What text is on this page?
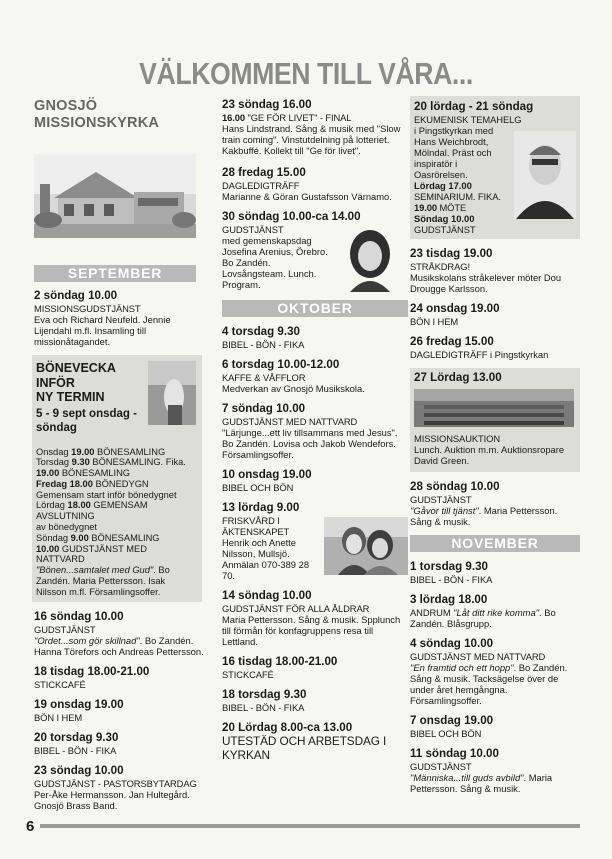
VÄLKOMMEN TILL VÅRA...
GNOSJÖ
MISSIONSKYRKA
SEPTEMBER
2 söndag 10.00
MISSIONSGUDSTJÄNST
Eva och Richard Neufeld. Jennie Lijendahl m.fl. Insamling till missionåtagandet.
BÖNEVECKA INFÖR
NY TERMIN
5 - 9 sept onsdag - söndag
Onsdag 19.00 BÖNESAMLING
Torsdag 9.30 BÖNESAMLING. Fika.
19.00 BÖNESAMLING
Fredag 18.00 BÖNEDYGN
Gemensam start inför bönedygnet
Lördag 18.00 GEMENSAM AVSLUTNING
av bönedygnet
Söndag 9.00 BÖNESAMLING
10.00 GUDSTJÄNST MED NATTVARD
"Bönen...samtalet med Gud". Bo Zandén. Maria Pettersson. Isak Nilsson m.fl. Församlingsoffer.
16 söndag 10.00
GUDSTJÄNST
"Ordet...som gör skillnad". Bo Zandén. Hanna Törefors och Andreas Pettersson.
18 tisdag 18.00-21.00
STICKCAFÉ
19 onsdag 19.00
BÖN I HEM
20 torsdag 9.30
BIBEL - BÖN - FIKA
23 söndag 10.00
GUDSTJÄNST - PASTORSBYTARDAG
Per-Åke Hermansson. Jan Hultegård. Gnosjö Brass Band.
23 söndag 16.00
16.00 "GE FÖR LIVET" - FINAL
Hans Lindstrand. Sång & musik med "Slow train coming". Vinstutdelning på lotteriet. Kakbuffé. Kollekt till "Ge för livet".
28 fredag 15.00
DAGLEDIGTRÄFF
Marianne & Göran Gustafsson Värnamo.
30 söndag 10.00-ca 14.00
GUDSTJÄNST
med gemenskapsdag Josefina Arenius, Örebro. Bo Zandén. Lovsångsteam. Lunch. Program.
OKTOBER
4 torsdag 9.30
BIBEL - BÖN - FIKA
6 torsdag 10.00-12.00
KAFFE & VÅFFLOR
Medverkan av Gnosjö Musikskola.
7 söndag 10.00
GUDSTJÄNST MED NATTVARD
"Lärjunge...ett liv tillsammans med Jesus". Bo Zandén. Lovisa och Jakob Wendefors. Församlingsoffer.
10 onsdag 19.00
BIBEL OCH BÖN
13 lördag 9.00
FRISKVÅRD I ÄKTENSKAPET
Henrik och Anette Nilsson, Mullsjö. Anmälan 070-389 28 70.
14 söndag 10.00
GUDSTJÄNST FÖR ALLA ÅLDRAR
Maria Pettersson. Sång & musik. Spplunch till förmån för konfagruppens resa till Lettland.
16 tisdag 18.00-21.00
STICKCAFÉ
18 torsdag 9.30
BIBEL - BÖN - FIKA
20 Lördag 8.00-ca 13.00
UTESTÄD OCH ARBETSDAG I KYRKAN
20 lördag - 21 söndag
EKUMENISK TEMAHELG
i Pingstkyrkan med Hans Weichbrodt, Mölndal. Präst och inspiratör i Oasrörelsen.
Lördag 17.00
SEMINARIUM. FIKA.
19.00 MÖTE
Söndag 10.00
GUDSTJÄNST
23 tisdag 19.00
STRÅKDRAG!
Musikskolans stråkelever möter Dou Drougge Karlsson.
24 onsdag 19.00
BÖN I HEM
26 fredag 15.00
DAGLEDIGTRÄFF i Pingstkyrkan
27 Lördag 13.00
MISSIONSAUKTION
Lunch. Auktion m.m. Auktionsropare David Green.
28 söndag 10.00
GUDSTJÄNST
"Gåvor till tjänst". Maria Pettersson. Sång & musik.
NOVEMBER
1 torsdag 9.30
BIBEL - BÖN - FIKA
3 lördag 18.00
ANDRUM "Låt ditt rike komma". Bo Zandén. Blåsgrupp.
4 söndag 10.00
GUDSTJÄNST MED NATTVARD
"En framtid och ett hopp". Bo Zandén. Sång & musik. Tacksägelse över de under året hemgångna. Församlingsoffer.
7 onsdag 19.00
BIBEL OCH BÖN
11 söndag 10.00
GUDSTJÄNST
"Människa...till guds avbild". Maria Pettersson. Sång & musik.
6
